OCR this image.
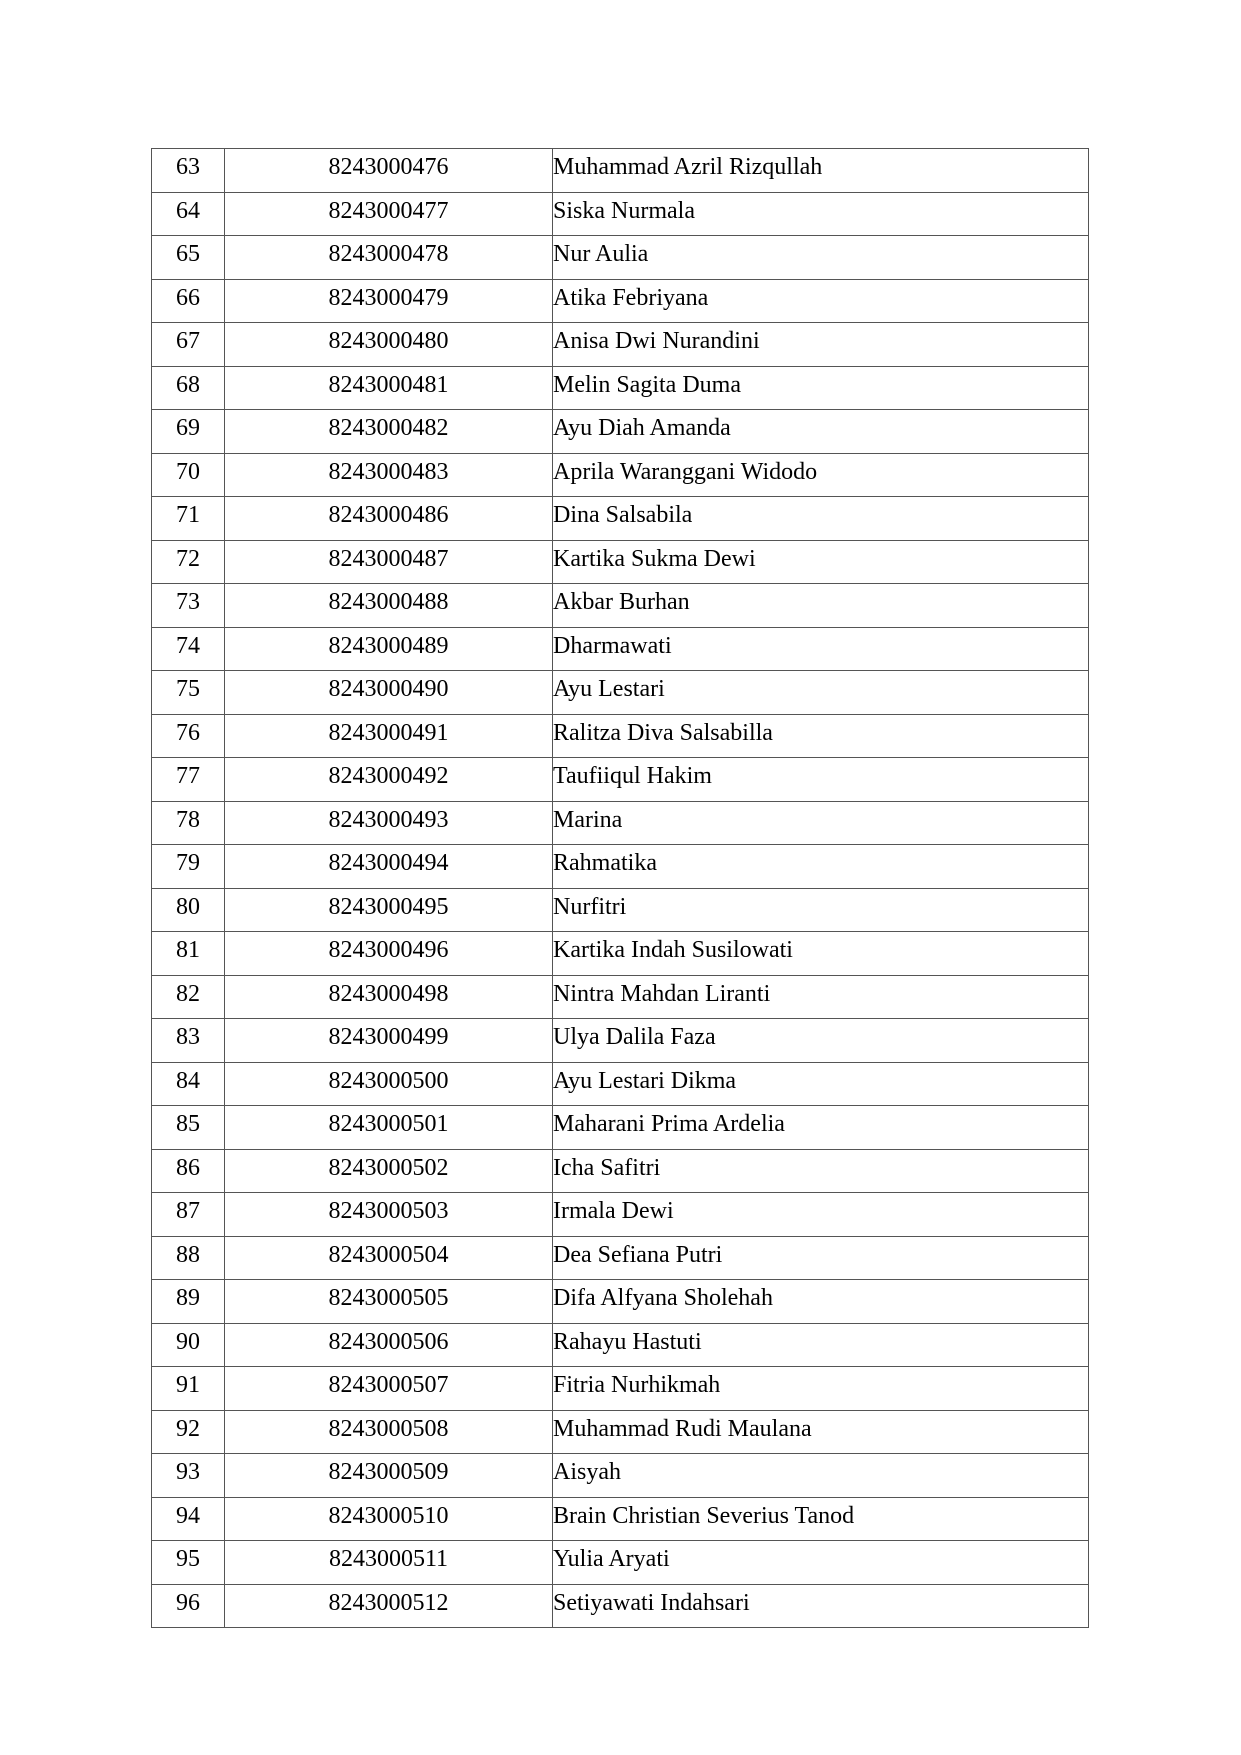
63	8243000476	Muhammad Azril Rizqullah
64	8243000477	Siska Nurmala
65	8243000478	Nur Aulia
66	8243000479	Atika Febriyana
67	8243000480	Anisa Dwi Nurandini
68	8243000481	Melin Sagita Duma
69	8243000482	Ayu Diah Amanda
70	8243000483	Aprila Waranggani Widodo
71	8243000486	Dina Salsabila
72	8243000487	Kartika Sukma Dewi
73	8243000488	Akbar Burhan
74	8243000489	Dharmawati
75	8243000490	Ayu Lestari
76	8243000491	Ralitza Diva Salsabilla
77	8243000492	Taufiiqul Hakim
78	8243000493	Marina
79	8243000494	Rahmatika
80	8243000495	Nurfitri
81	8243000496	Kartika Indah Susilowati
82	8243000498	Nintra Mahdan Liranti
83	8243000499	Ulya Dalila Faza
84	8243000500	Ayu Lestari Dikma
85	8243000501	Maharani Prima Ardelia
86	8243000502	Icha Safitri
87	8243000503	Irmala Dewi
88	8243000504	Dea Sefiana Putri
89	8243000505	Difa Alfyana Sholehah
90	8243000506	Rahayu Hastuti
91	8243000507	Fitria Nurhikmah
92	8243000508	Muhammad Rudi Maulana
93	8243000509	Aisyah
94	8243000510	Brain Christian Severius Tanod
95	8243000511	Yulia Aryati
96	8243000512	Setiyawati Indahsari
